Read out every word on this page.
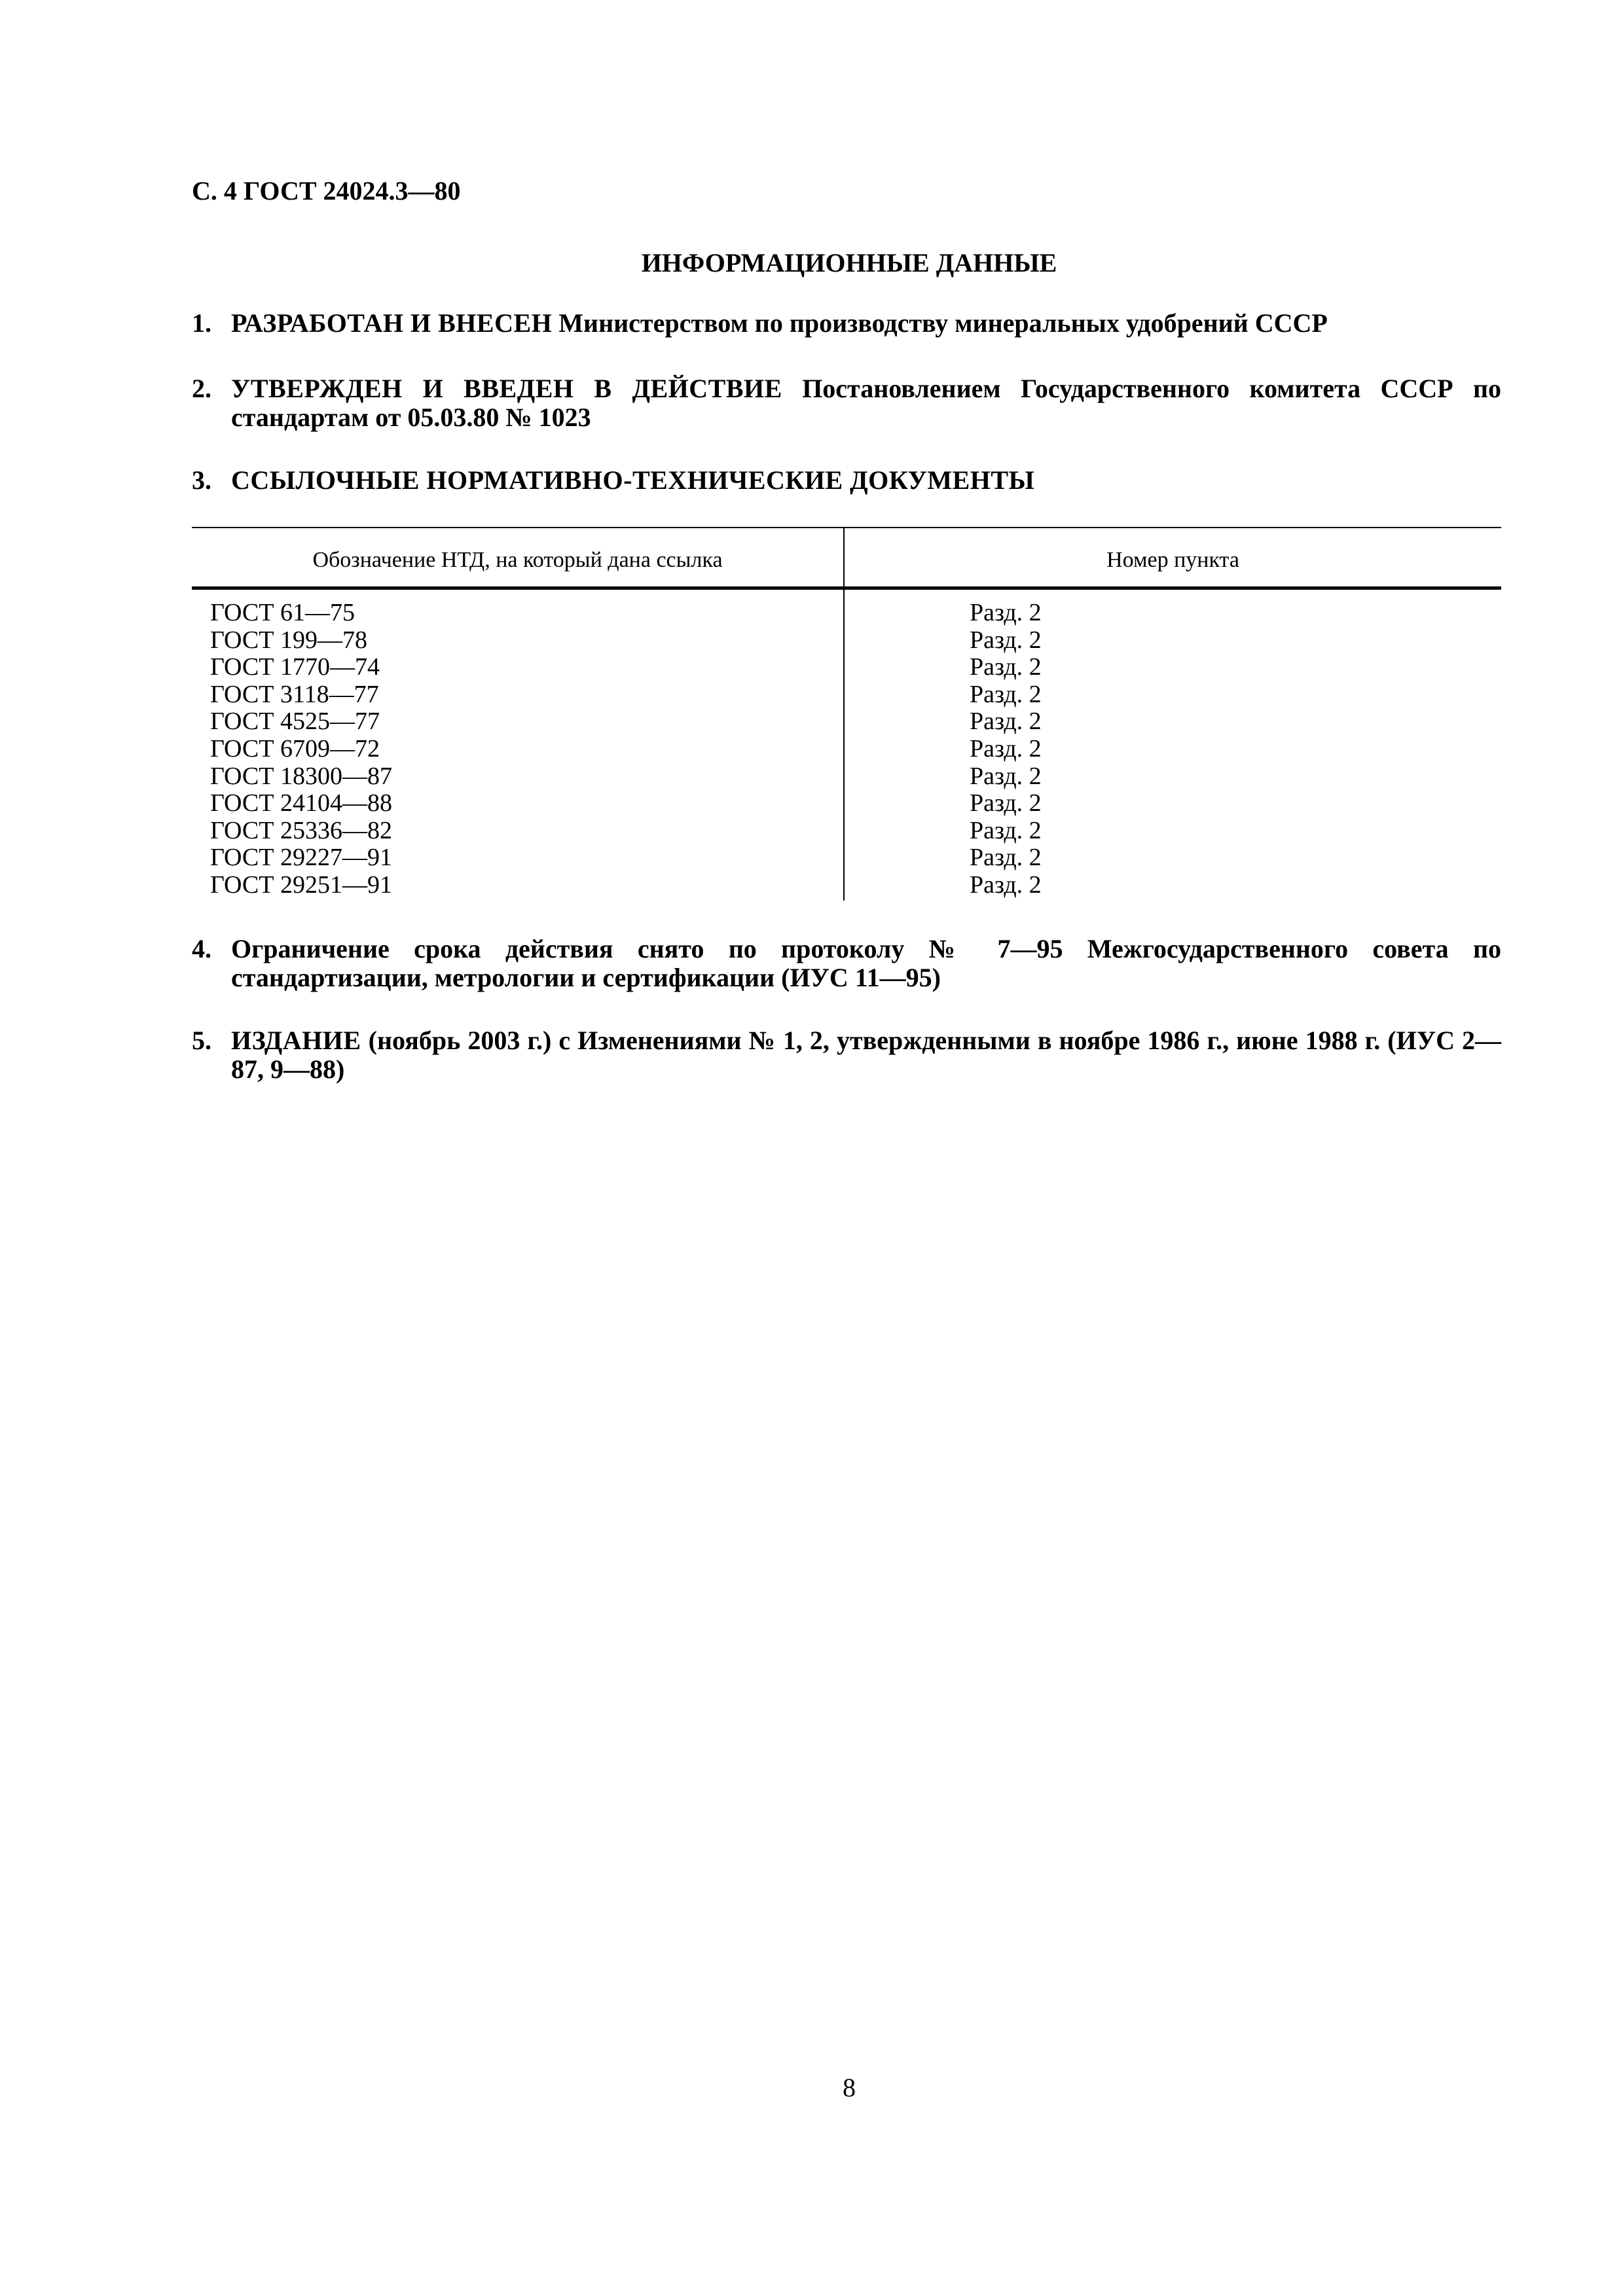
С. 4 ГОСТ 24024.3—80
ИНФОРМАЦИОННЫЕ ДАННЫЕ
1. РАЗРАБОТАН И ВНЕСЕН Министерством по производству минеральных удобрений СССР
2. УТВЕРЖДЕН И ВВЕДЕН В ДЕЙСТВИЕ Постановлением Государственного комитета СССР по стандартам от 05.03.80 № 1023
3. ССЫЛОЧНЫЕ НОРМАТИВНО-ТЕХНИЧЕСКИЕ ДОКУМЕНТЫ
Обозначение НТД, на который дана ссылка	Номер пункта
ГОСТ 61—75
ГОСТ 199—78
ГОСТ 1770—74
ГОСТ 3118—77
ГОСТ 4525—77
ГОСТ 6709—72
ГОСТ 18300—87
ГОСТ 24104—88
ГОСТ 25336—82
ГОСТ 29227—91
ГОСТ 29251—91
Разд. 2
Разд. 2
Разд. 2
Разд. 2
Разд. 2
Разд. 2
Разд. 2
Разд. 2
Разд. 2
Разд. 2
Разд. 2
4. Ограничение срока действия снято по протоколу № 7—95 Межгосударственного совета по стандартизации, метрологии и сертификации (ИУС 11—95)
5. ИЗДАНИЕ (ноябрь 2003 г.) с Изменениями № 1, 2, утвержденными в ноябре 1986 г., июне 1988 г. (ИУС 2—87, 9—88)
8
